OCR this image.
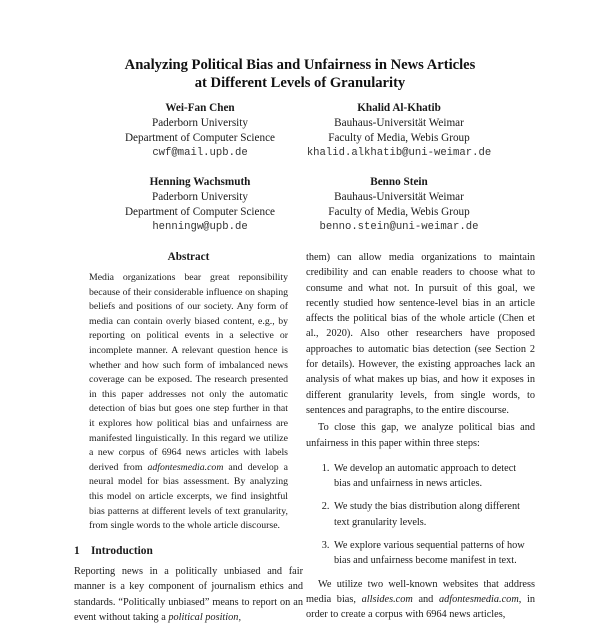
Analyzing Political Bias and Unfairness in News Articles
at Different Levels of Granularity
Wei-Fan Chen
Paderborn University
Department of Computer Science
cwf@mail.upb.de
Khalid Al-Khatib
Bauhaus-Universität Weimar
Faculty of Media, Webis Group
khalid.alkhatib@uni-weimar.de
Henning Wachsmuth
Paderborn University
Department of Computer Science
henningw@upb.de
Benno Stein
Bauhaus-Universität Weimar
Faculty of Media, Webis Group
benno.stein@uni-weimar.de
Abstract

Media organizations bear great reponsibility because of their considerable influence on shaping beliefs and positions of our society. Any form of media can contain overly biased content, e.g., by reporting on political events in a selective or incomplete manner. A relevant question hence is whether and how such form of imbalanced news coverage can be exposed. The research presented in this paper addresses not only the automatic detection of bias but goes one step further in that it explores how political bias and unfairness are manifested linguistically. In this regard we utilize a new corpus of 6964 news articles with labels derived from adfontesmedia.com and develop a neural model for bias assessment. By analyzing this model on article excerpts, we find insightful bias patterns at different levels of text granularity, from single words to the whole article discourse.

1 Introduction

Reporting news in a politically unbiased and fair manner is a key component of journalism ethics and standards. “Politically unbiased” means to report on an event without taking a political position,

them) can allow media organizations to maintain credibility and can enable readers to choose what to consume and what not. In pursuit of this goal, we recently studied how sentence-level bias in an article affects the political bias of the whole article (Chen et al., 2020). Also other researchers have proposed approaches to automatic bias detection (see Section 2 for details). However, the existing approaches lack an analysis of what makes up bias, and how it exposes in different granularity levels, from single words, to sentences and paragraphs, to the entire discourse.

To close this gap, we analyze political bias and unfairness in this paper within three steps:

1. We develop an automatic approach to detect bias and unfairness in news articles.
2. We study the bias distribution along different text granularity levels.
3. We explore various sequential patterns of how bias and unfairness become manifest in text.

We utilize two well-known websites that address media bias, allsides.com and adfontesmedia.com, in order to create a corpus with 6964 news articles,
